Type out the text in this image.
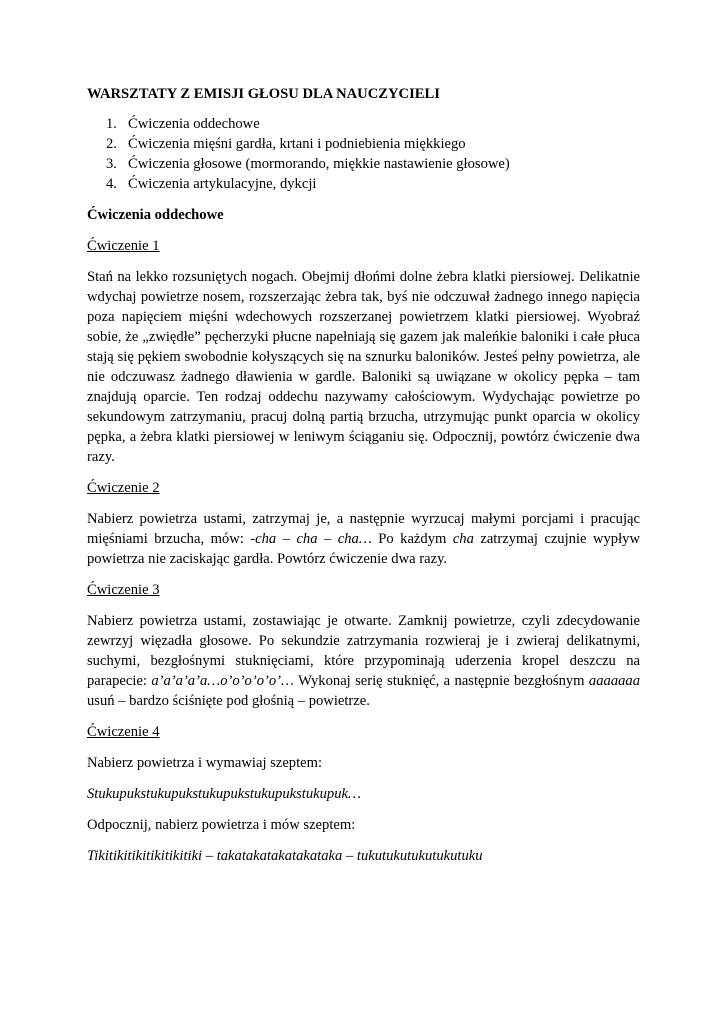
WARSZTATY Z EMISJI GŁOSU DLA NAUCZYCIELI
1. Ćwiczenia oddechowe
2. Ćwiczenia mięśni gardła, krtani i podniebienia miękkiego
3. Ćwiczenia głosowe (mormorando, miękkie nastawienie głosowe)
4. Ćwiczenia artykulacyjne, dykcji
Ćwiczenia oddechowe
Ćwiczenie 1
Stań na lekko rozsuniętych nogach. Obejmij dłońmi dolne żebra klatki piersiowej. Delikatnie wdychaj powietrze nosem, rozszerzając żebra tak, byś nie odczuwał żadnego innego napięcia poza napięciem mięśni wdechowych rozszerzanej powietrzem klatki piersiowej. Wyobraź sobie, że „zwiędłe” pęcherzyki płucne napełniają się gazem jak maleńkie baloniki i całe płuca stają się pękiem swobodnie kołyszących się na sznurku baloników. Jesteś pełny powietrza, ale nie odczuwasz żadnego dławienia w gardle. Baloniki są uwiązane w okolicy pępka – tam znajdują oparcie. Ten rodzaj oddechu nazywamy całościowym. Wydychając powietrze po sekundowym zatrzymaniu, pracuj dolną partią brzucha, utrzymując punkt oparcia w okolicy pępka, a żebra klatki piersiowej w leniwym ściąganiu się. Odpocznij, powtórz ćwiczenie dwa razy.
Ćwiczenie 2
Nabierz powietrza ustami, zatrzymaj je, a następnie wyrzucaj małymi porcjami i pracując mięśniami brzucha, mów: -cha – cha – cha… Po każdym cha zatrzymaj czujnie wypływ powietrza nie zaciskając gardła. Powtórz ćwiczenie dwa razy.
Ćwiczenie 3
Nabierz powietrza ustami, zostawiając je otwarte. Zamknij powietrze, czyli zdecydowanie zewrzyj więzadła głosowe. Po sekundzie zatrzymania rozwieraj je i zwieraj delikatnymi, suchymi, bezgłośnymi stuknięciami, które przypominają uderzenia kropel deszczu na parapecie: a’a’a’a’a…o’o’o’o’o’… Wykonaj serię stuknięć, a następnie bezgłośnym aaaaaaa usuń – bardzo ściśnięte pod głośnią – powietrze.
Ćwiczenie 4
Nabierz powietrza i wymawiaj szeptem:
Stukupukstukupukstukupukstukupukstukupuk…
Odpocznij, nabierz powietrza i mów szeptem:
Tikitikitikitikitikitiki – takatakatakatakataka – tukutukutukutukutuku
